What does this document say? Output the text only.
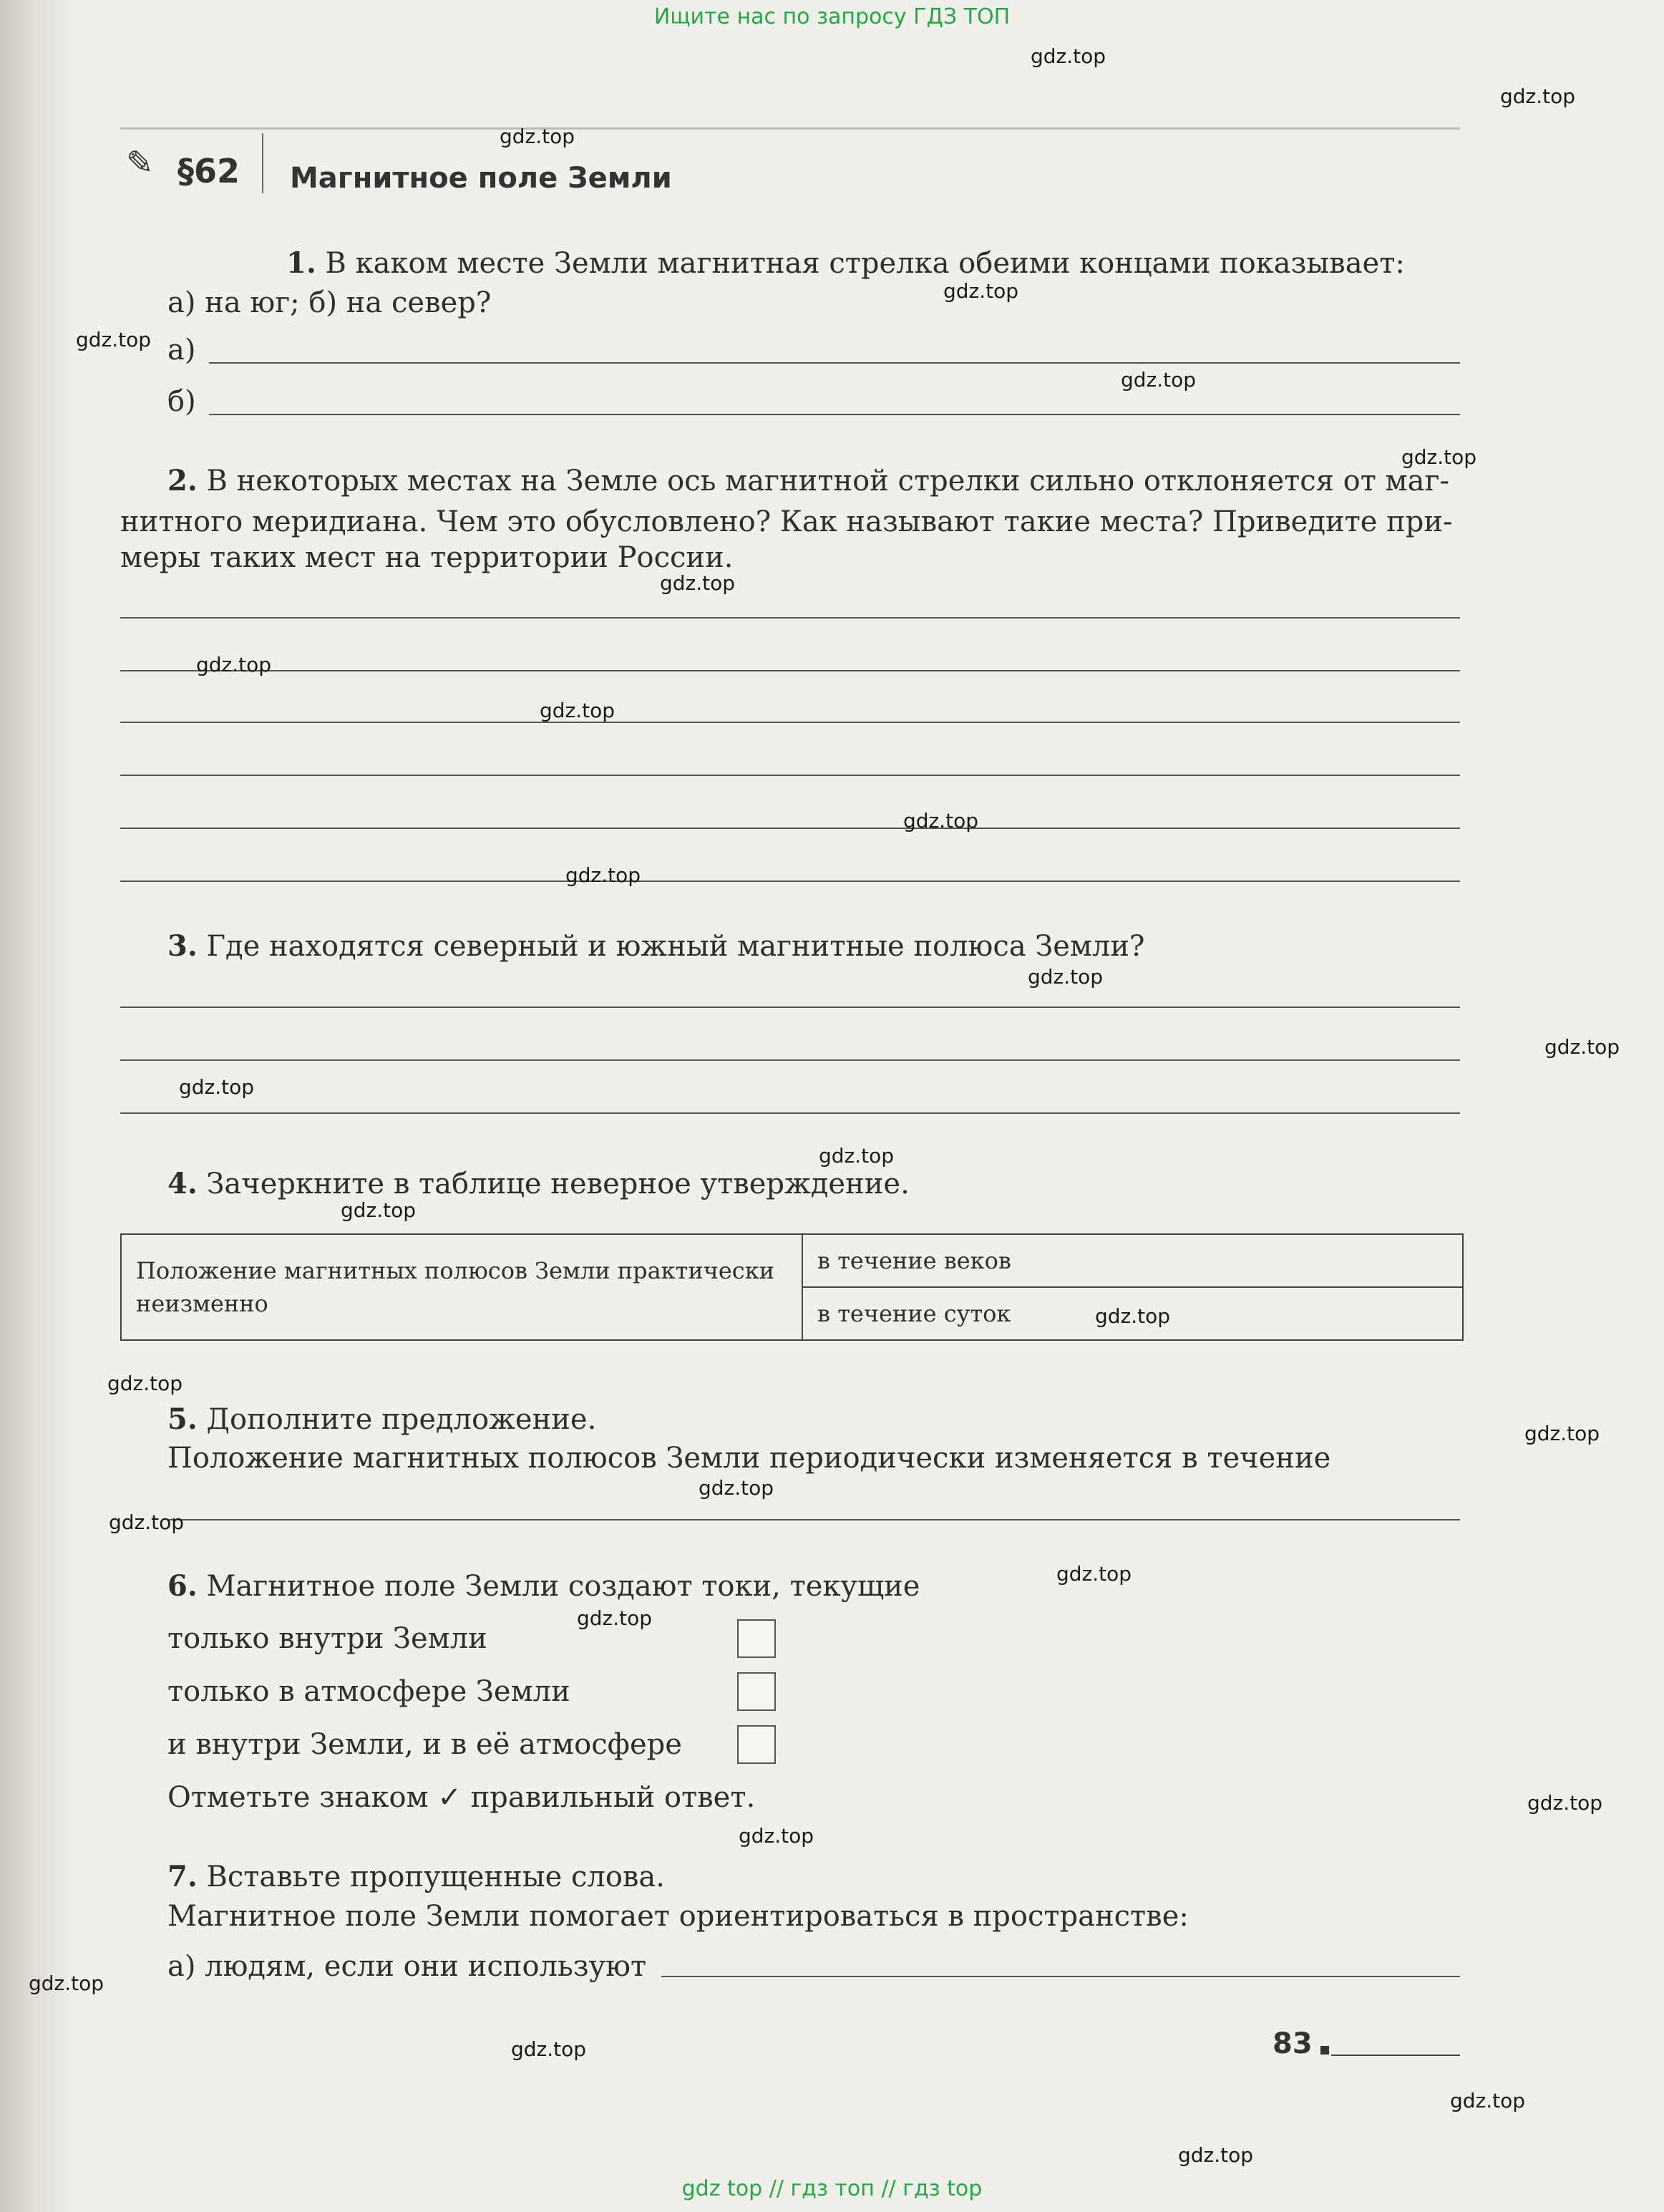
Ищите нас по запросу ГДЗ ТОП
gdz top // гдз топ // гдз top
✎ §62 Магнитное поле Земли
1. В каком месте Земли магнитная стрелка обеими концами показывает:
а) на юг; б) на север?
а)
б)
2. В некоторых местах на Земле ось магнитной стрелки сильно отклоняется от маг-
нитного меридиана. Чем это обусловлено? Как называют такие места? Приведите при-
меры таких мест на территории России.
3. Где находятся северный и южный магнитные полюса Земли?
4. Зачеркните в таблице неверное утверждение.
Положение магнитных полюсов Земли практически неизменно	в течение веков
в течение суток
5. Дополните предложение.
Положение магнитных полюсов Земли периодически изменяется в течение
6. Магнитное поле Земли создают токи, текущие
только внутри Земли
только в атмосфере Земли
и внутри Земли, и в её атмосфере
Отметьте знаком ✓ правильный ответ.
7. Вставьте пропущенные слова.
Магнитное поле Земли помогает ориентироваться в пространстве:
а) людям, если они используют
83
gdz.top
gdz.top
gdz.top
gdz.top
gdz.top
gdz.top
gdz.top
gdz.top
gdz.top
gdz.top
gdz.top
gdz.top
gdz.top
gdz.top
gdz.top
gdz.top
gdz.top
gdz.top
gdz.top
gdz.top
gdz.top
gdz.top
gdz.top
gdz.top
gdz.top
gdz.top
gdz.top
gdz.top
gdz.top
gdz.top
